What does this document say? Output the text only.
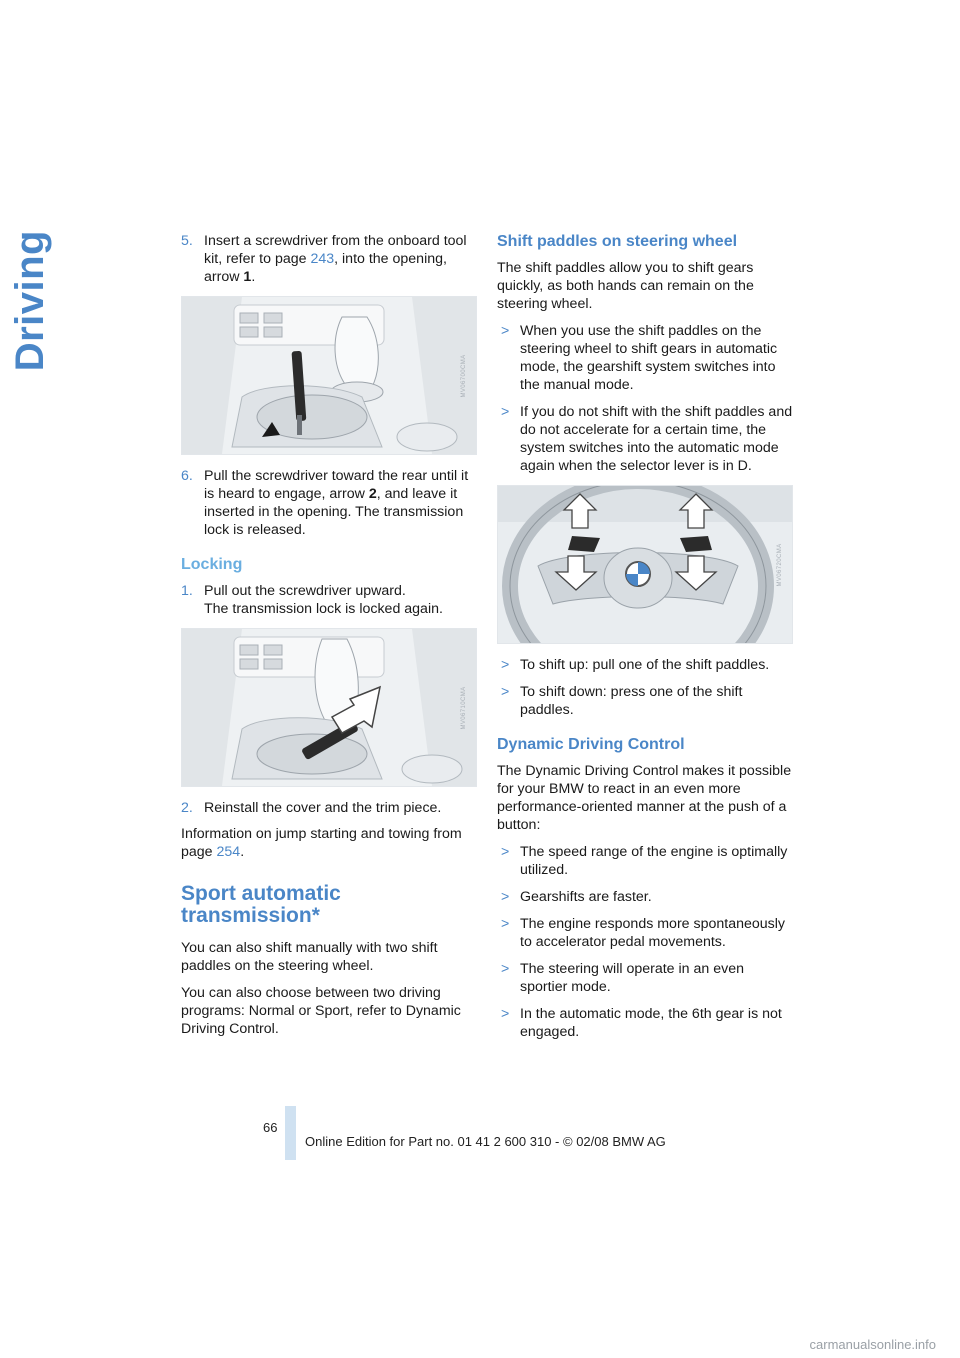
Driving	5. Insert a screwdriver from the onboard tool kit, refer to page 243, into the opening, arrow 1.
MV06700CMA
6. Pull the screwdriver toward the rear until it is heard to engage, arrow 2, and leave it inserted in the opening. The transmission lock is released.
Locking
1. Pull out the screwdriver upward.
The transmission lock is locked again.
MV06710CMA
2. Reinstall the cover and the trim piece.

Information on jump starting and towing from page 254.

Sport automatic transmission*

You can also shift manually with two shift paddles on the steering wheel.

You can also choose between two driving programs: Normal or Sport, refer to Dynamic Driving Control.

Shift paddles on steering wheel

The shift paddles allow you to shift gears quickly, as both hands can remain on the steering wheel.

> When you use the shift paddles on the steering wheel to shift gears in automatic mode, the gearshift system switches into the manual mode.
> If you do not shift with the shift paddles and do not accelerate for a certain time, the system switches into the automatic mode again when the selector lever is in D.
MV06720CMA
> To shift up: pull one of the shift paddles.
> To shift down: press one of the shift paddles.
Dynamic Driving Control

The Dynamic Driving Control makes it possible for your BMW to react in an even more performance-oriented manner at the push of a button:

> The speed range of the engine is optimally utilized.
> Gearshifts are faster.
> The engine responds more spontaneously to accelerator pedal movements.
> The steering will operate in an even sportier mode.
> In the automatic mode, the 6th gear is not engaged.
66
Online Edition for Part no. 01 41 2 600 310 - © 02/08 BMW AG
carmanualsonline.info
